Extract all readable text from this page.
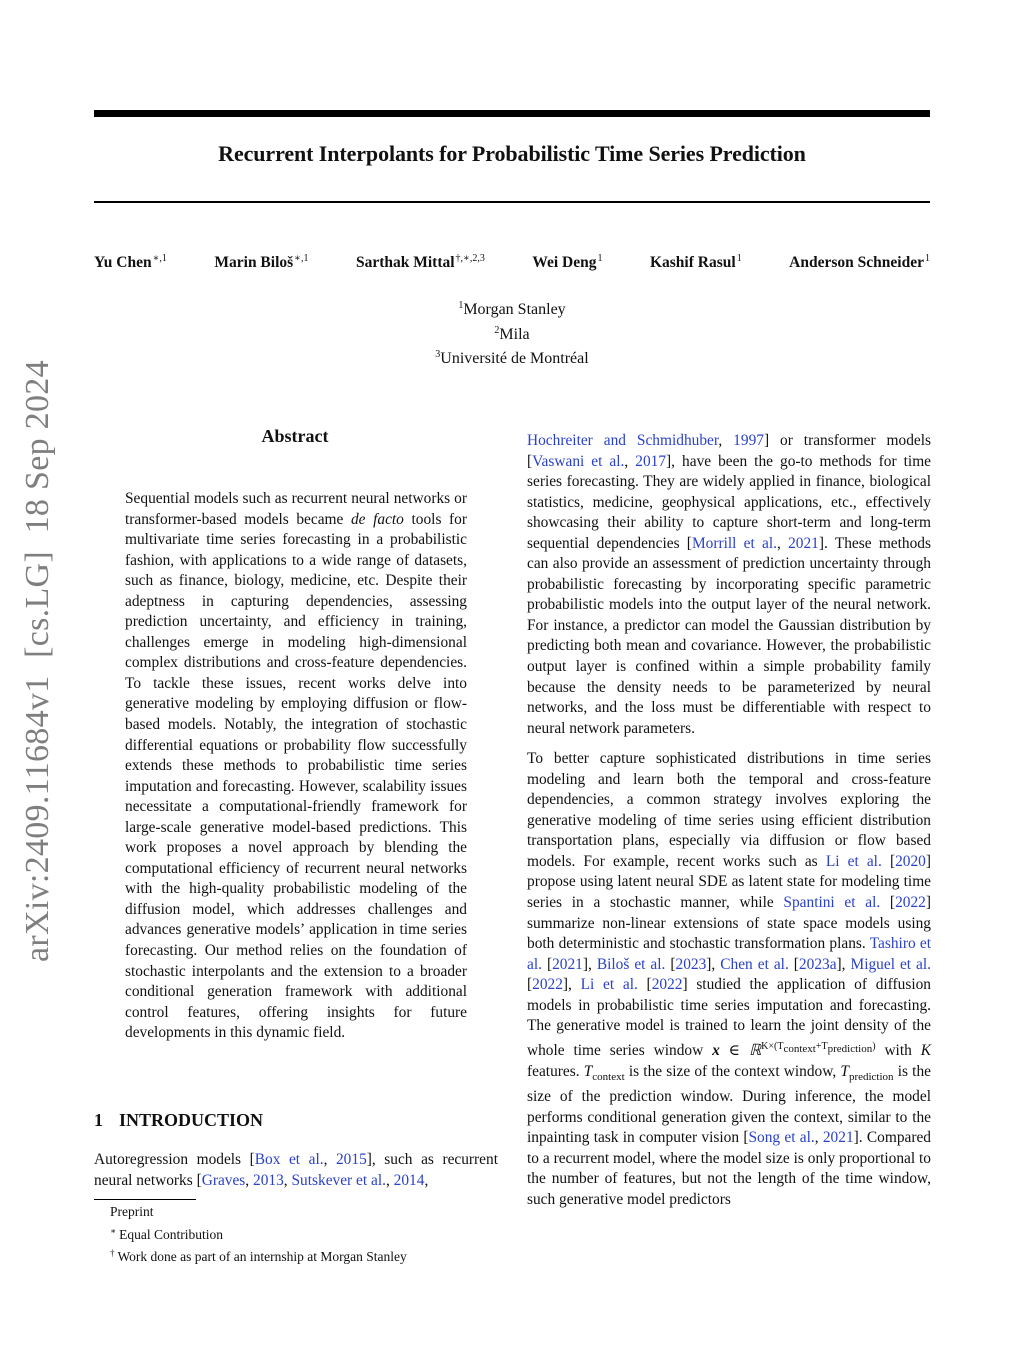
Recurrent Interpolants for Probabilistic Time Series Prediction
Yu Chen$^{∗,1}$	Marin Biloš$^{∗,1}$	Sarthak Mittal$^{\dagger,∗,2,3}$	Wei Deng$^1$	Kashif Rasul$^1$	Anderson Schneider$^1$
$^1$Morgan Stanley
$^2$Mila
$^3$Université de Montréal
arXiv:2409.11684v1  [cs.LG]  18 Sep 2024	Abstract
Sequential models such as recurrent neural networks or transformer-based models became de facto tools for multivariate time series forecasting in a probabilistic fashion, with applications to a wide range of datasets, such as finance, biology, medicine, etc. Despite their adeptness in capturing dependencies, assessing prediction uncertainty, and efficiency in training, challenges emerge in modeling high-dimensional complex distributions and cross-feature dependencies. To tackle these issues, recent works delve into generative modeling by employing diffusion or flow-based models. Notably, the integration of stochastic differential equations or probability flow successfully extends these methods to probabilistic time series imputation and forecasting. However, scalability issues necessitate a computational-friendly framework for large-scale generative model-based predictions. This work proposes a novel approach by blending the computational efficiency of recurrent neural networks with the high-quality probabilistic modeling of the diffusion model, which addresses challenges and advances generative models’ application in time series forecasting. Our method relies on the foundation of stochastic interpolants and the extension to a broader conditional generation framework with additional control features, offering insights for future developments in this dynamic field.
1 INTRODUCTION
Autoregression models [Box et al., 2015], such as recurrent neural networks [Graves, 2013, Sutskever et al., 2014,
Preprint
∗ Equal Contribution
† Work done as part of an internship at Morgan Stanley

Hochreiter and Schmidhuber, 1997] or transformer models [Vaswani et al., 2017], have been the go-to methods for time series forecasting. They are widely applied in finance, biological statistics, medicine, geophysical applications, etc., effectively showcasing their ability to capture short-term and long-term sequential dependencies [Morrill et al., 2021]. These methods can also provide an assessment of prediction uncertainty through probabilistic forecasting by incorporating specific parametric probabilistic models into the output layer of the neural network. For instance, a predictor can model the Gaussian distribution by predicting both mean and covariance. However, the probabilistic output layer is confined within a simple probability family because the density needs to be parameterized by neural networks, and the loss must be differentiable with respect to neural network parameters.

To better capture sophisticated distributions in time series modeling and learn both the temporal and cross-feature dependencies, a common strategy involves exploring the generative modeling of time series using efficient distribution transportation plans, especially via diffusion or flow based models. For example, recent works such as Li et al. [2020] propose using latent neural SDE as latent state for modeling time series in a stochastic manner, while Spantini et al. [2022] summarize non-linear extensions of state space models using both deterministic and stochastic transformation plans. Tashiro et al. [2021], Biloš et al. [2023], Chen et al. [2023a], Miguel et al. [2022], Li et al. [2022] studied the application of diffusion models in probabilistic time series imputation and forecasting. The generative model is trained to learn the joint density of the whole time series window x ∈ ℝ$^{K\times(T_{context}+T_{prediction})}$ with K features. $T_{context}$ is the size of the context window, $T_{prediction}$ is the size of the prediction window. During inference, the model performs conditional generation given the context, similar to the inpainting task in computer vision [Song et al., 2021]. Compared to a recurrent model, where the model size is only proportional to the number of features, but not the length of the time window, such generative model predictors
